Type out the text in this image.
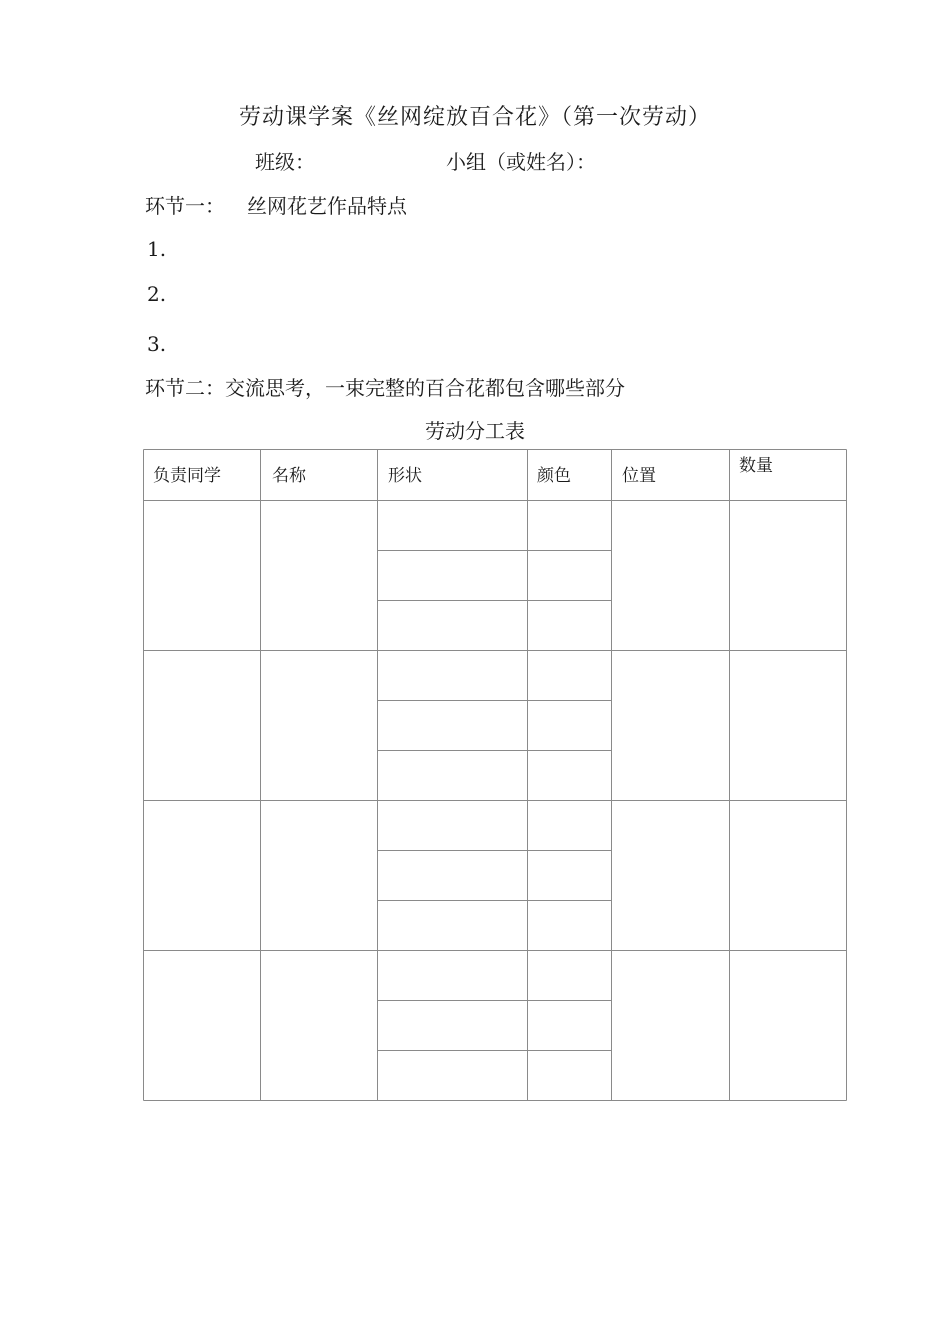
劳动课学案《丝网绽放百合花》（第一次劳动）
班级：	小组（或姓名）：
环节一： 丝网花艺作品特点
1.
2.
3.
环节二：交流思考，一束完整的百合花都包含哪些部分
劳动分工表
负责同学	名称	形状	颜色	位置	数量
